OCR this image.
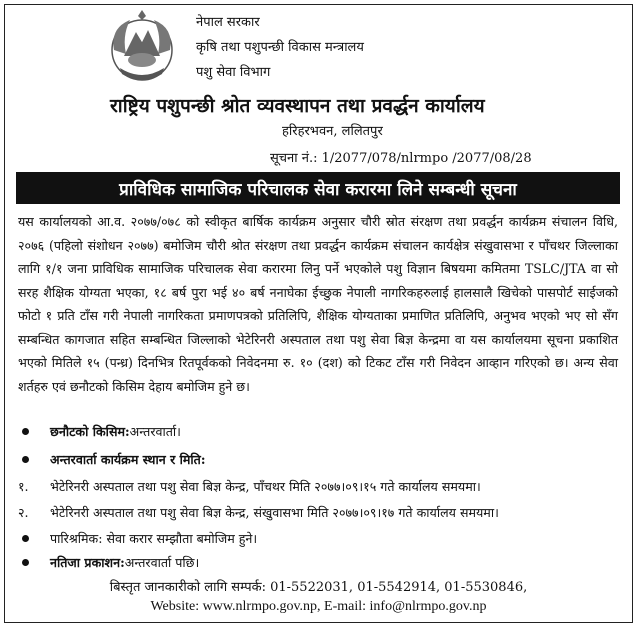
नेपाल सरकार
कृषि तथा पशुपन्छी विकास मन्त्रालय
पशु सेवा विभाग
राष्ट्रिय पशुपन्छी श्रोत व्यवस्थापन तथा प्रवर्द्धन कार्यालय
हरिहरभवन, ललितपुर
सूचना नं.: 1/2077/078/nlrmpo /2077/08/28
प्राविधिक सामाजिक परिचालक सेवा करारमा लिने सम्बन्धी सूचना

यस कार्यालयको आ.व. २०७७/०७८ को स्वीकृत बार्षिक कार्यक्रम अनुसार चौरी स्रोत संरक्षण तथा प्रवर्द्धन कार्यक्रम संचालन विधि, २०७६ (पहिलो संशोधन २०७७) बमोजिम चौरी श्रोत संरक्षण तथा प्रवर्द्धन कार्यक्रम संचालन कार्यक्षेत्र संखुवासभा र पाँचथर जिल्लाका लागि १/१ जना प्राविधिक सामाजिक परिचालक सेवा करारमा लिनु पर्ने भएकोले पशु विज्ञान बिषयमा कमितमा TSLC/JTA वा सो सरह शैक्षिक योग्यता भएका, १८ बर्ष पुरा भई ४० बर्ष ननाघेका ईच्छुक नेपाली नागरिकहरुलाई हालसालै खिचेको पासपोर्ट साईजको फोटो १ प्रति टाँस गरी नेपाली नागरिकता प्रमाणपत्रको प्रतिलिपि, शैक्षिक योग्यताका प्रमाणित प्रतिलिपि, अनुभव भएको भए सो सँग सम्बन्धित कागजात सहित सम्बन्धित जिल्लाको भेटेरिनरी अस्पताल तथा पशु सेवा बिज्ञ केन्द्रमा वा यस कार्यालयमा सूचना प्रकाशित भएको मितिले १५ (पन्ध्र) दिनभित्र रितपूर्वकको निवेदनमा रु. १० (दश) को टिकट टाँस गरी निवेदन आव्हान गरिएको छ। अन्य सेवा शर्तहरु एवं छनौटको किसिम देहाय बमोजिम हुने छ।

छनौटको किसिम: अन्तरवार्ता।
अन्तरवार्ता कार्यक्रम स्थान र मिति:
१.	भेटेरिनरी अस्पताल तथा पशु सेवा बिज्ञ केन्द्र, पाँचथर मिति २०७७।०९।१५ गते कार्यालय समयमा।
२.	भेटेरिनरी अस्पताल तथा पशु सेवा बिज्ञ केन्द्र, संखुवासभा मिति २०७७।०९।१७ गते कार्यालय समयमा।
पारिश्रमिक: सेवा करार सम्झौता बमोजिम हुने।
नतिजा प्रकाशन: अन्तरवार्ता पछि।
बिस्तृत जानकारीको लागि सम्पर्क: 01-5522031, 01-5542914, 01-5530846,
Website: www.nlrmpo.gov.np, E-mail: info@nlrmpo.gov.np
